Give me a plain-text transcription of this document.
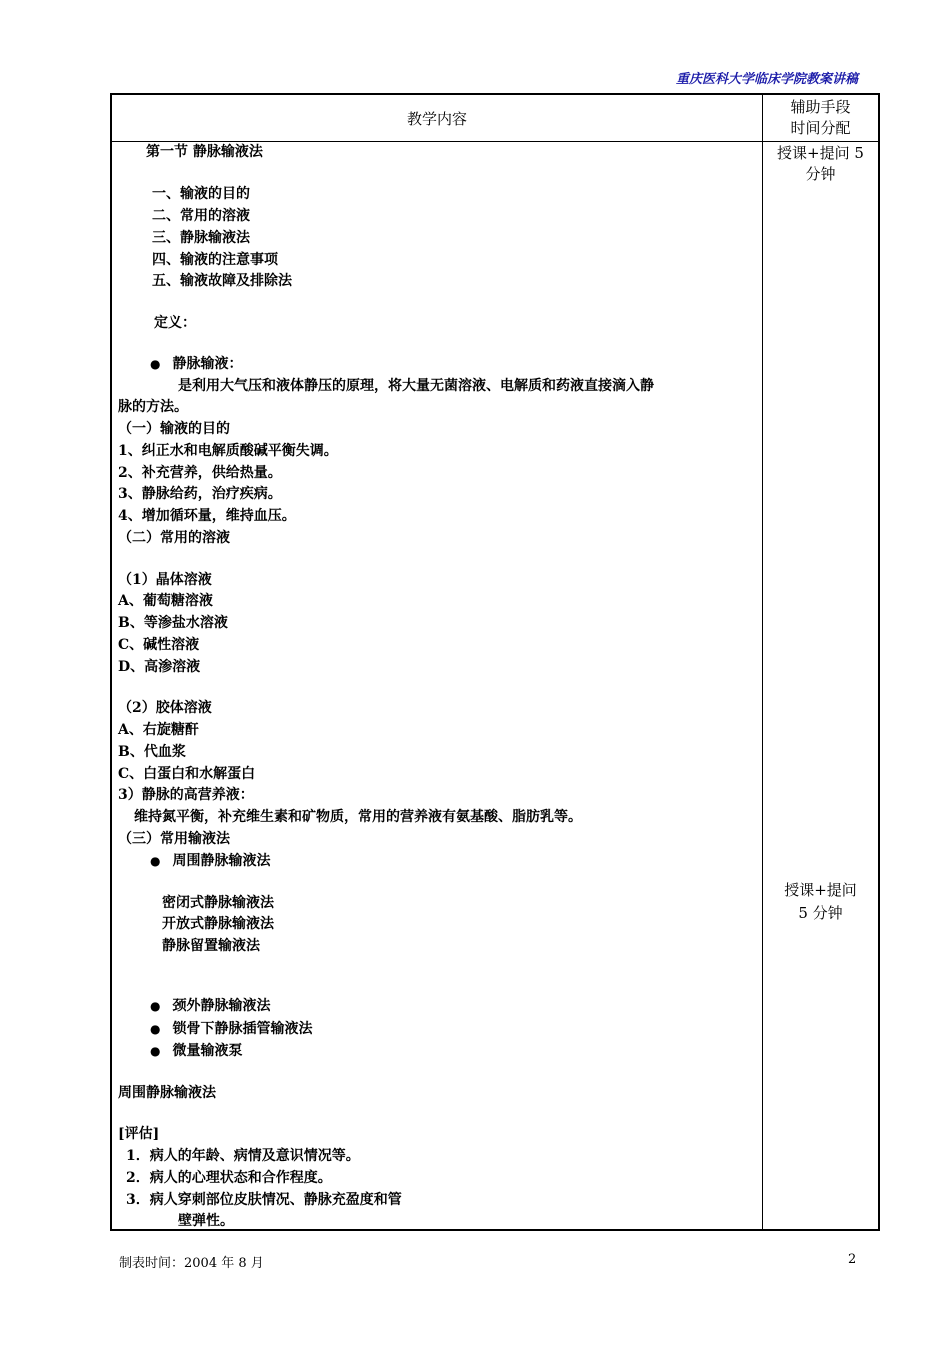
重庆医科大学临床学院教案讲稿
教学内容
辅助手段
时间分配
授课+提问 5
分钟
授课+提问
5 分钟
第一节 静脉输液法
一、输液的目的
二、常用的溶液
三、静脉输液法
四、输液的注意事项
五、输液故障及排除法
定义：
● 静脉输液：
是利用大气压和液体静压的原理，将大量无菌溶液、电解质和药液直接滴入静
脉的方法。
（一）输液的目的
1、纠正水和电解质酸碱平衡失调。
2、补充营养，供给热量。
3、静脉给药，治疗疾病。
4、增加循环量，维持血压。
（二）常用的溶液
（1）晶体溶液
A、葡萄糖溶液
B、等渗盐水溶液
C、碱性溶液
D、高渗溶液
（2）胶体溶液
A、右旋糖酐
B、代血浆
C、白蛋白和水解蛋白
3）静脉的高营养液：
维持氮平衡，补充维生素和矿物质，常用的营养液有氨基酸、脂肪乳等。
（三）常用输液法
● 周围静脉输液法
密闭式静脉输液法
开放式静脉输液法
静脉留置输液法
● 颈外静脉输液法
● 锁骨下静脉插管输液法
● 微量输液泵
周围静脉输液法
[评估]
1．病人的年龄、病情及意识情况等。
2．病人的心理状态和合作程度。
3．病人穿刺部位皮肤情况、静脉充盈度和管
壁弹性。
制表时间：2004 年 8 月	2
